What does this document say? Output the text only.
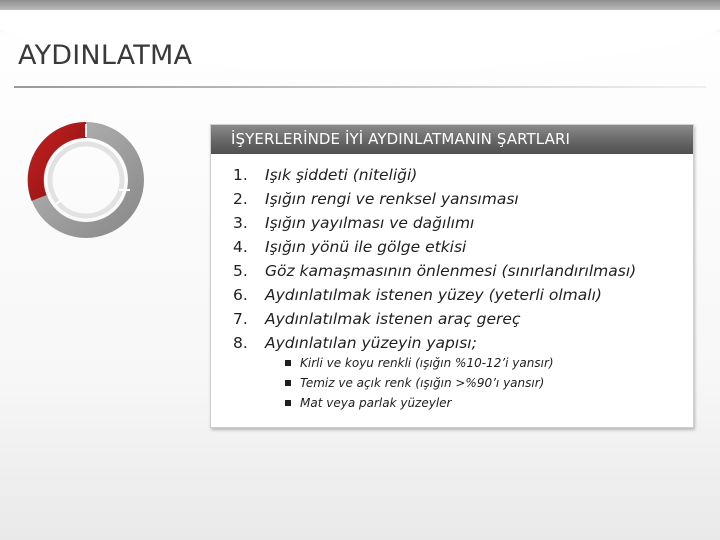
AYDINLATMA
İŞYERLERİNDE İYİ AYDINLATMANIN ŞARTLARI
1. Işık şiddeti (niteliği)
2. Işığın rengi ve renksel yansıması
3. Işığın yayılması ve dağılımı
4. Işığın yönü ile gölge etkisi
5. Göz kamaşmasının önlenmesi (sınırlandırılması)
6. Aydınlatılmak istenen yüzey (yeterli olmalı)
7. Aydınlatılmak istenen araç gereç
8. Aydınlatılan yüzeyin yapısı;
Kirli ve koyu renkli (ışığın %10-12’i yansır)
Temiz ve açık renk (ışığın >%90’ı yansır)
Mat veya parlak yüzeyler
